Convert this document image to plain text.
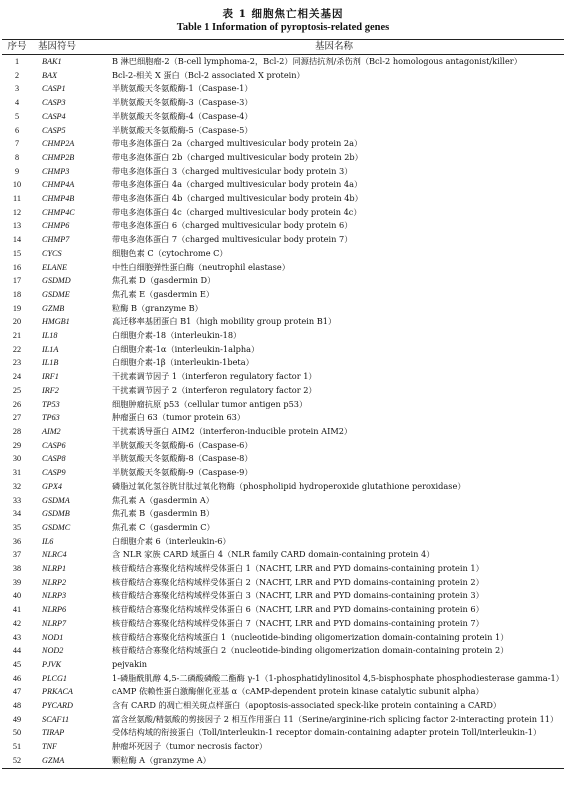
表 1 细胞焦亡相关基因
Table 1 Information of pyroptosis-related genes
序号	基因符号	基因名称
1	BAK1	B 淋巴细胞瘤-2（B-cell lymphoma-2，Bcl-2）同源拮抗剂/杀伤剂（Bcl-2 homologous antagonist/killer）
2	BAX	Bcl-2-相关 X 蛋白（Bcl-2 associated X protein）
3	CASP1	半胱氨酸天冬氨酸酶-1（Caspase-1）
4	CASP3	半胱氨酸天冬氨酸酶-3（Caspase-3）
5	CASP4	半胱氨酸天冬氨酸酶-4（Caspase-4）
6	CASP5	半胱氨酸天冬氨酸酶-5（Caspase-5）
7	CHMP2A	带电多泡体蛋白 2a（charged multivesicular body protein 2a）
8	CHMP2B	带电多泡体蛋白 2b（charged multivesicular body protein 2b）
9	CHMP3	带电多泡体蛋白 3（charged multivesicular body protein 3）
10	CHMP4A	带电多泡体蛋白 4a（charged multivesicular body protein 4a）
11	CHMP4B	带电多泡体蛋白 4b（charged multivesicular body protein 4b）
12	CHMP4C	带电多泡体蛋白 4c（charged multivesicular body protein 4c）
13	CHMP6	带电多泡体蛋白 6（charged multivesicular body protein 6）
14	CHMP7	带电多泡体蛋白 7（charged multivesicular body protein 7）
15	CYCS	细胞色素 C（cytochrome C）
16	ELANE	中性白细胞弹性蛋白酶（neutrophil elastase）
17	GSDMD	焦孔素 D（gasdermin D）
18	GSDME	焦孔素 E（gasdermin E）
19	GZMB	粒酶 B（granzyme B）
20	HMGB1	高迁移率基团蛋白 B1（high mobility group protein B1）
21	IL18	白细胞介素-18（interleukin-18）
22	IL1A	白细胞介素-1α（interleukin-1alpha）
23	IL1B	白细胞介素-1β（interleukin-1beta）
24	IRF1	干扰素调节因子 1（interferon regulatory factor 1）
25	IRF2	干扰素调节因子 2（interferon regulatory factor 2）
26	TP53	细胞肿瘤抗原 p53（cellular tumor antigen p53）
27	TP63	肿瘤蛋白 63（tumor protein 63）
28	AIM2	干扰素诱导蛋白 AIM2（interferon-inducible protein AIM2）
29	CASP6	半胱氨酸天冬氨酸酶-6（Caspase-6）
30	CASP8	半胱氨酸天冬氨酸酶-8（Caspase-8）
31	CASP9	半胱氨酸天冬氨酸酶-9（Caspase-9）
32	GPX4	磷脂过氧化氢谷胱甘肽过氧化物酶（phospholipid hydroperoxide glutathione peroxidase）
33	GSDMA	焦孔素 A（gasdermin A）
34	GSDMB	焦孔素 B（gasdermin B）
35	GSDMC	焦孔素 C（gasdermin C）
36	IL6	白细胞介素 6（interleukin-6）
37	NLRC4	含 NLR 家族 CARD 域蛋白 4（NLR family CARD domain-containing protein 4）
38	NLRP1	核苷酸结合寡聚化结构域样受体蛋白 1（NACHT, LRR and PYD domains-containing protein 1）
39	NLRP2	核苷酸结合寡聚化结构域样受体蛋白 2（NACHT, LRR and PYD domains-containing protein 2）
40	NLRP3	核苷酸结合寡聚化结构域样受体蛋白 3（NACHT, LRR and PYD domains-containing protein 3）
41	NLRP6	核苷酸结合寡聚化结构域样受体蛋白 6（NACHT, LRR and PYD domains-containing protein 6）
42	NLRP7	核苷酸结合寡聚化结构域样受体蛋白 7（NACHT, LRR and PYD domains-containing protein 7）
43	NOD1	核苷酸结合寡聚化结构域蛋白 1（nucleotide-binding oligomerization domain-containing protein 1）
44	NOD2	核苷酸结合寡聚化结构域蛋白 2（nucleotide-binding oligomerization domain-containing protein 2）
45	PJVK	pejvakin
46	PLCG1	1-磷脂酰肌醇 4,5-二磷酸磷酸二酯酶 γ-1（1-phosphatidylinositol 4,5-bisphosphate phosphodiesterase gamma-1）
47	PRKACA	cAMP 依赖性蛋白激酶催化亚基 α（cAMP-dependent protein kinase catalytic subunit alpha）
48	PYCARD	含有 CARD 的凋亡相关斑点样蛋白（apoptosis-associated speck-like protein containing a CARD）
49	SCAF11	富含丝氨酸/精氨酸的剪接因子 2 相互作用蛋白 11（Serine/arginine-rich splicing factor 2-interacting protein 11）
50	TIRAP	受体结构域的衔接蛋白（Toll/interleukin-1 receptor domain-containing adapter protein Toll/interleukin-1）
51	TNF	肿瘤坏死因子（tumor necrosis factor）
52	GZMA	颗粒酶 A（granzyme A）
